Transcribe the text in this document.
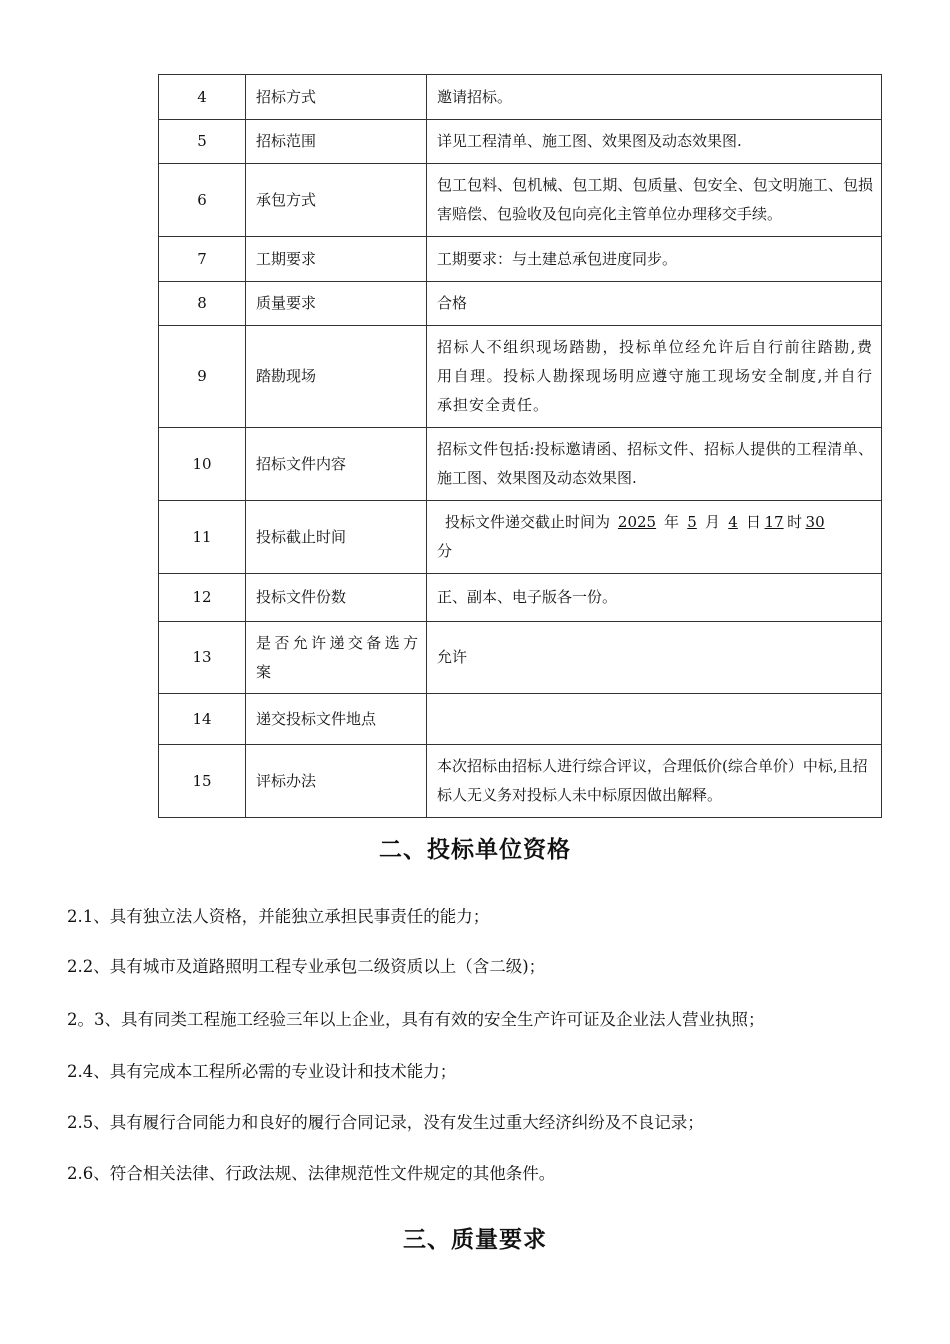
4	招标方式	邀请招标。
5	招标范围	详见工程清单、施工图、效果图及动态效果图.
6	承包方式	包工包料、包机械、包工期、包质量、包安全、包文明施工、包损害赔偿、包验收及包向亮化主管单位办理移交手续。
7	工期要求	工期要求：与土建总承包进度同步。
8	质量要求	合格
9	踏勘现场	招标人不组织现场踏勘，投标单位经允许后自行前往踏勘,费用自理。投标人勘探现场明应遵守施工现场安全制度,并自行承担安全责任。
10	招标文件内容	招标文件包括:投标邀请函、招标文件、招标人提供的工程清单、施工图、效果图及动态效果图.
11	投标截止时间	投标文件递交截止时间为 2025 年 5 月 4 日 17 时 30
分
12	投标文件份数	正、副本、电子版各一份。
13	是否允许递交备选方案	允许
14	递交投标文件地点	
15	评标办法	本次招标由招标人进行综合评议，合理低价(综合单价）中标,且招标人无义务对投标人未中标原因做出解释。
二、投标单位资格

2.1、具有独立法人资格，并能独立承担民事责任的能力；

2.2、具有城市及道路照明工程专业承包二级资质以上（含二级)；

2。3、具有同类工程施工经验三年以上企业，具有有效的安全生产许可证及企业法人营业执照；

2.4、具有完成本工程所必需的专业设计和技术能力；

2.5、具有履行合同能力和良好的履行合同记录，没有发生过重大经济纠纷及不良记录；

2.6、符合相关法律、行政法规、法律规范性文件规定的其他条件。

三、质量要求
